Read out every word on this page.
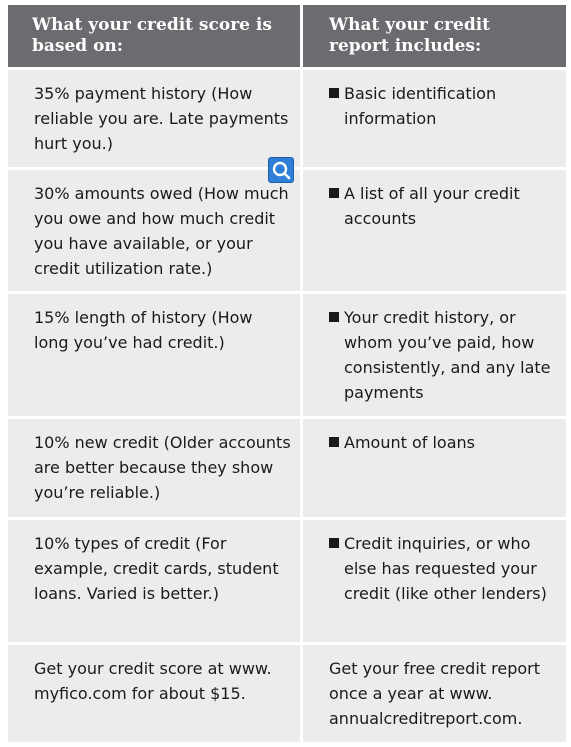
What your credit score is
based on:
What your credit
report includes:
35% payment history (How reliable you are. Late payments hurt you.)
Basic identification information
30% amounts owed (How much you owe and how much credit you have available, or your credit utilization rate.)
A list of all your credit accounts
15% length of history (How long you’ve had credit.)
Your credit history, or whom you’ve paid, how consistently, and any late payments
10% new credit (Older accounts are better because they show you’re reliable.)
Amount of loans
10% types of credit (For example, credit cards, student loans. Varied is better.)
Credit inquiries, or who else has requested your credit (like other lenders)
Get your credit score at www. myfico.com for about $15.
Get your free credit report once a year at www. annualcreditreport.com.
